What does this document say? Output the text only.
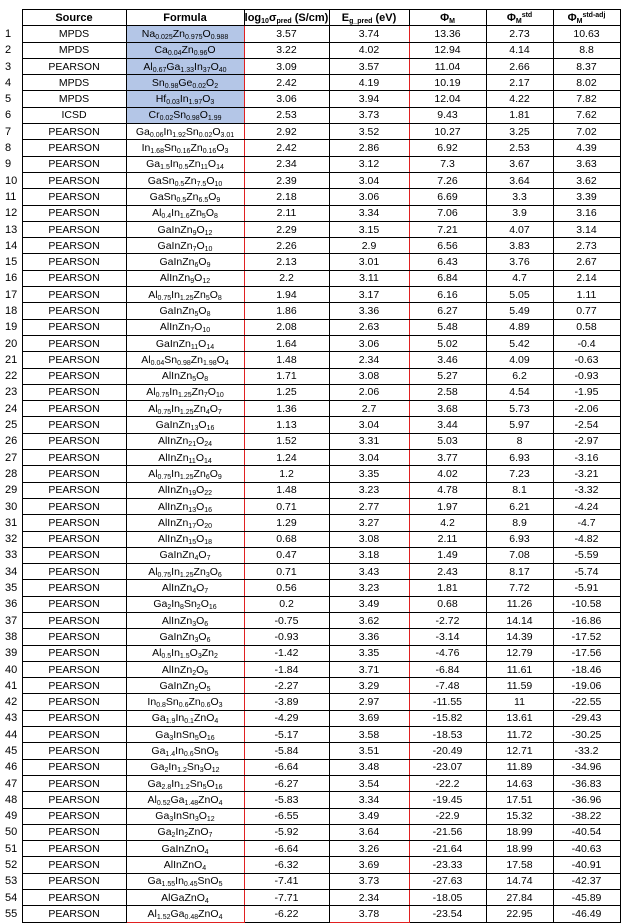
	Source	Formula	$\log_{10}\sigma_{pred}$ (S/cm)	$E_{g\_pred}$ (eV)	$\Phi_M$	$\Phi_M^{std}$	$\Phi_M^{std-adj}$
1	MPDS	$Na_{0.025}Zn_{0.975}O_{0.988}$	3.57	3.74	13.36	2.73	10.63
2	MPDS	$Ca_{0.04}Zn_{0.96}O$	3.22	4.02	12.94	4.14	8.8
3	PEARSON	$Al_{0.67}Ga_{1.33}In_{37}O_{40}$	3.09	3.57	11.04	2.66	8.37
4	MPDS	$Sn_{0.98}Ge_{0.02}O_2$	2.42	4.19	10.19	2.17	8.02
5	MPDS	$Hf_{0.03}In_{1.97}O_3$	3.06	3.94	12.04	4.22	7.82
6	ICSD	$Cr_{0.02}Sn_{0.98}O_{1.99}$	2.53	3.73	9.43	1.81	7.62
7	PEARSON	$Ga_{0.06}In_{1.92}Sn_{0.02}O_{3.01}$	2.92	3.52	10.27	3.25	7.02
8	PEARSON	$In_{1.68}Sn_{0.16}Zn_{0.16}O_3$	2.42	2.86	6.92	2.53	4.39
9	PEARSON	$Ga_{1.5}In_{0.5}Zn_{11}O_{14}$	2.34	3.12	7.3	3.67	3.63
10	PEARSON	$GaSn_{0.5}Zn_{7.5}O_{10}$	2.39	3.04	7.26	3.64	3.62
11	PEARSON	$GaSn_{0.5}Zn_{6.5}O_9$	2.18	3.06	6.69	3.3	3.39
12	PEARSON	$Al_{0.4}In_{1.6}Zn_5O_8$	2.11	3.34	7.06	3.9	3.16
13	PEARSON	$GaInZn_9O_{12}$	2.29	3.15	7.21	4.07	3.14
14	PEARSON	$GaInZn_7O_{10}$	2.26	2.9	6.56	3.83	2.73
15	PEARSON	$GaInZn_6O_9$	2.13	3.01	6.43	3.76	2.67
16	PEARSON	$AlInZn_9O_{12}$	2.2	3.11	6.84	4.7	2.14
17	PEARSON	$Al_{0.75}In_{1.25}Zn_5O_8$	1.94	3.17	6.16	5.05	1.11
18	PEARSON	$GaInZn_5O_8$	1.86	3.36	6.27	5.49	0.77
19	PEARSON	$AlInZn_7O_{10}$	2.08	2.63	5.48	4.89	0.58
20	PEARSON	$GaInZn_{11}O_{14}$	1.64	3.06	5.02	5.42	-0.4
21	PEARSON	$Al_{0.04}Sn_{0.98}Zn_{1.98}O_4$	1.48	2.34	3.46	4.09	-0.63
22	PEARSON	$AlInZn_5O_8$	1.71	3.08	5.27	6.2	-0.93
23	PEARSON	$Al_{0.75}In_{1.25}Zn_7O_{10}$	1.25	2.06	2.58	4.54	-1.95
24	PEARSON	$Al_{0.75}In_{1.25}Zn_4O_7$	1.36	2.7	3.68	5.73	-2.06
25	PEARSON	$GaInZn_{13}O_{16}$	1.13	3.04	3.44	5.97	-2.54
26	PEARSON	$AlInZn_{21}O_{24}$	1.52	3.31	5.03	8	-2.97
27	PEARSON	$AlInZn_{11}O_{14}$	1.24	3.04	3.77	6.93	-3.16
28	PEARSON	$Al_{0.75}In_{1.25}Zn_6O_9$	1.2	3.35	4.02	7.23	-3.21
29	PEARSON	$AlInZn_{19}O_{22}$	1.48	3.23	4.78	8.1	-3.32
30	PEARSON	$AlInZn_{13}O_{16}$	0.71	2.77	1.97	6.21	-4.24
31	PEARSON	$AlInZn_{17}O_{20}$	1.29	3.27	4.2	8.9	-4.7
32	PEARSON	$AlInZn_{15}O_{18}$	0.68	3.08	2.11	6.93	-4.82
33	PEARSON	$GaInZn_4O_7$	0.47	3.18	1.49	7.08	-5.59
34	PEARSON	$Al_{0.75}In_{1.25}Zn_3O_6$	0.71	3.43	2.43	8.17	-5.74
35	PEARSON	$AlInZn_4O_7$	0.56	3.23	1.81	7.72	-5.91
36	PEARSON	$Ga_2In_8Sn_2O_{16}$	0.2	3.49	0.68	11.26	-10.58
37	PEARSON	$AlInZn_3O_6$	-0.75	3.62	-2.72	14.14	-16.86
38	PEARSON	$GaInZn_3O_6$	-0.93	3.36	-3.14	14.39	-17.52
39	PEARSON	$Al_{0.5}In_{1.5}O_3Zn_2$	-1.42	3.35	-4.76	12.79	-17.56
40	PEARSON	$AlInZn_2O_5$	-1.84	3.71	-6.84	11.61	-18.46
41	PEARSON	$GaInZn_2O_5$	-2.27	3.29	-7.48	11.59	-19.06
42	PEARSON	$In_{0.8}Sn_{0.6}Zn_{0.6}O_3$	-3.89	2.97	-11.55	11	-22.55
43	PEARSON	$Ga_{1.9}In_{0.1}ZnO_4$	-4.29	3.69	-15.82	13.61	-29.43
44	PEARSON	$Ga_3InSn_5O_{16}$	-5.17	3.58	-18.53	11.72	-30.25
45	PEARSON	$Ga_{1.4}In_{0.6}SnO_5$	-5.84	3.51	-20.49	12.71	-33.2
46	PEARSON	$Ga_2In_{1.2}Sn_3O_{12}$	-6.64	3.48	-23.07	11.89	-34.96
47	PEARSON	$Ga_{2.8}In_{1.2}Sn_5O_{16}$	-6.27	3.54	-22.2	14.63	-36.83
48	PEARSON	$Al_{0.52}Ga_{1.48}ZnO_4$	-5.83	3.34	-19.45	17.51	-36.96
49	PEARSON	$Ga_3InSn_3O_{12}$	-6.55	3.49	-22.9	15.32	-38.22
50	PEARSON	$Ga_2In_2ZnO_7$	-5.92	3.64	-21.56	18.99	-40.54
51	PEARSON	GaInZnO$_4$	-6.64	3.26	-21.64	18.99	-40.63
52	PEARSON	AlInZnO$_4$	-6.32	3.69	-23.33	17.58	-40.91
53	PEARSON	$Ga_{1.55}In_{0.45}SnO_5$	-7.41	3.73	-27.63	14.74	-42.37
54	PEARSON	AlGaZnO$_4$	-7.71	2.34	-18.05	27.84	-45.89
55	PEARSON	$Al_{1.52}Ga_{0.48}ZnO_4$	-6.22	3.78	-23.54	22.95	-46.49
